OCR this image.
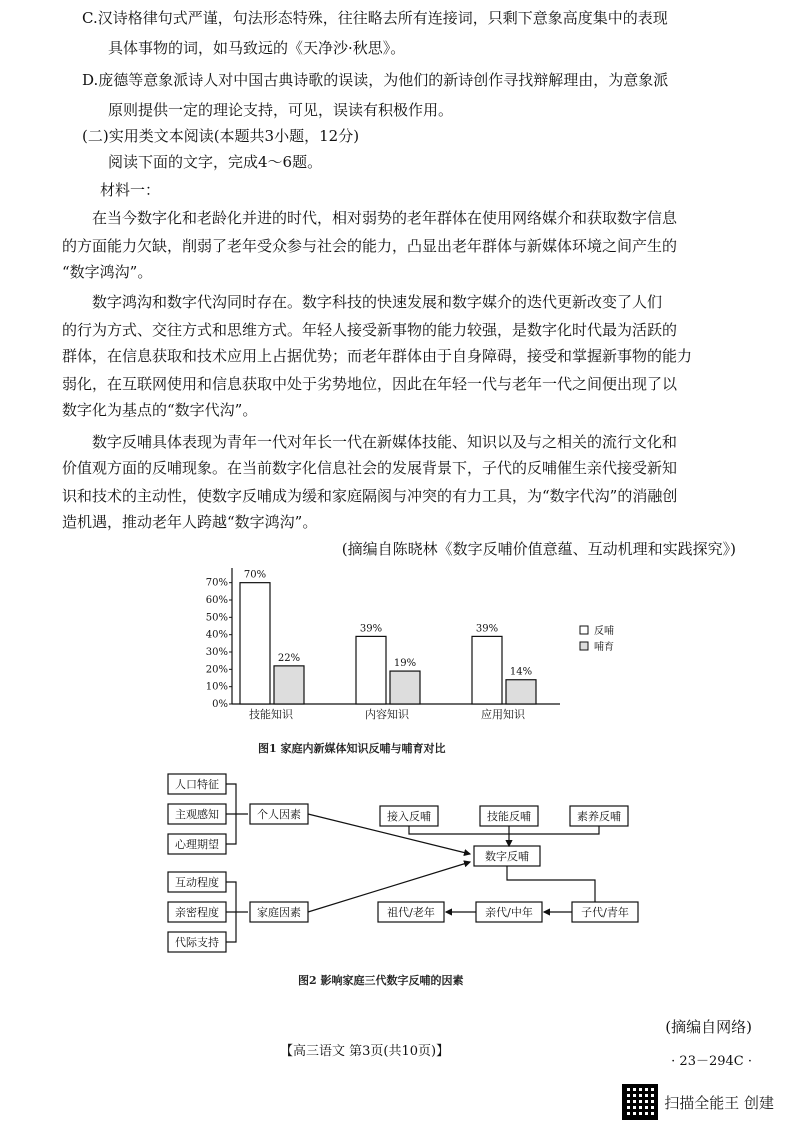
C.汉诗格律句式严谨，句法形态特殊，往往略去所有连接词，只剩下意象高度集中的表现
具体事物的词，如马致远的《天净沙·秋思》。
D.庞德等意象派诗人对中国古典诗歌的误读，为他们的新诗创作寻找辩解理由，为意象派
原则提供一定的理论支持，可见，误读有积极作用。
(二)实用类文本阅读(本题共3小题，12分)
阅读下面的文字，完成4～6题。
材料一：
在当今数字化和老龄化并进的时代，相对弱势的老年群体在使用网络媒介和获取数字信息
的方面能力欠缺，削弱了老年受众参与社会的能力，凸显出老年群体与新媒体环境之间产生的
“数字鸿沟”。
数字鸿沟和数字代沟同时存在。数字科技的快速发展和数字媒介的迭代更新改变了人们
的行为方式、交往方式和思维方式。年轻人接受新事物的能力较强，是数字化时代最为活跃的
群体，在信息获取和技术应用上占据优势；而老年群体由于自身障碍，接受和掌握新事物的能力
弱化，在互联网使用和信息获取中处于劣势地位，因此在年轻一代与老年一代之间便出现了以
数字化为基点的“数字代沟”。
数字反哺具体表现为青年一代对年长一代在新媒体技能、知识以及与之相关的流行文化和
价值观方面的反哺现象。在当前数字化信息社会的发展背景下，子代的反哺催生亲代接受新知
识和技术的主动性，使数字反哺成为缓和家庭隔阂与冲突的有力工具，为“数字代沟”的消融创
造机遇，推动老年人跨越“数字鸿沟”。
(摘编自陈晓林《数字反哺价值意蕴、互动机理和实践探究》)
70%
60%
50%
40%
30%
20%
10%
0%
70%
22%
技能知识
39%
19%
内容知识
39%
14%
应用知识
反哺
哺育
图1 家庭内新媒体知识反哺与哺育对比
人口特征
主观感知
心理期望
个人因素
互动程度
亲密程度
代际支持
家庭因素
接入反哺	技能反哺	素养反哺
数字反哺
祖代/老年	亲代/中年	子代/青年
图2 影响家庭三代数字反哺的因素
(摘编自网络)
【高三语文 第3页(共10页)】
· 23－294C ·
扫描全能王 创建
